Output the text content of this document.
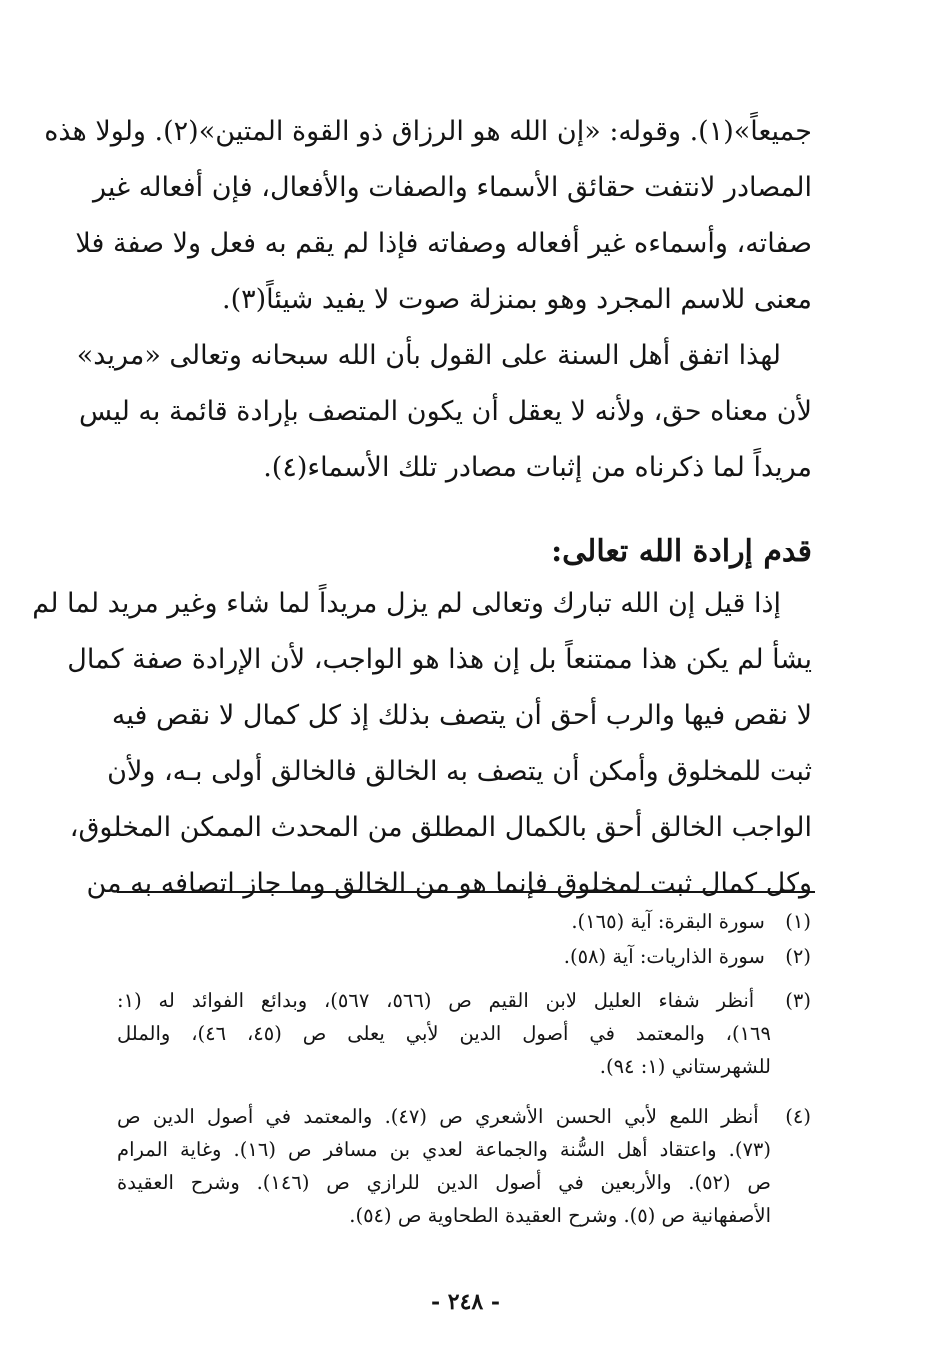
جميعاً»(١). وقوله: «إن الله هو الرزاق ذو القوة المتين»(٢). ولولا هذه

المصادر لانتفت حقائق الأسماء والصفات والأفعال، فإن أفعاله غير

صفاته، وأسماءه غير أفعاله وصفاته فإذا لم يقم به فعل ولا صفة فلا

معنى للاسم المجرد وهو بمنزلة صوت لا يفيد شيئاً(٣).

لهذا اتفق أهل السنة على القول بأن الله سبحانه وتعالى «مريد»

لأن معناه حق، ولأنه لا يعقل أن يكون المتصف بإرادة قائمة به ليس

مريداً لما ذكرناه من إثبات مصادر تلك الأسماء(٤).

قدم إرادة الله تعالى:

إذا قيل إن الله تبارك وتعالى لم يزل مريداً لما شاء وغير مريد لما لم

يشأ لم يكن هذا ممتنعاً بل إن هذا هو الواجب، لأن الإرادة صفة كمال

لا نقص فيها والرب أحق أن يتصف بذلك إذ كل كمال لا نقص فيه

ثبت للمخلوق وأمكن أن يتصف به الخالق فالخالق أولى بـه، ولأن

الواجب الخالق أحق بالكمال المطلق من المحدث الممكن المخلوق،

وكل كمال ثبت لمخلوق فإنما هو من الخالق وما جاز اتصافه به من

(١) سورة البقرة: آية (١٦٥).
(٢) سورة الذاريات: آية (٥٨).
(٣) أنظر شفاء العليل لابن القيم ص (٥٦٦، ٥٦٧)، وبدائع الفوائد له (١:
١٦٩)، والمعتمد في أصول الدين لأبي يعلى ص (٤٥، ٤٦)، والملل
للشهرستاني (١: ٩٤).
(٤) أنظر اللمع لأبي الحسن الأشعري ص (٤٧). والمعتمد في أصول الدين ص
(٧٣). واعتقاد أهل السُّنة والجماعة لعدي بن مسافر ص (١٦). وغاية المرام
ص (٥٢). والأربعين في أصول الدين للرازي ص (١٤٦). وشرح العقيدة
الأصفهانية ص (٥). وشرح العقيدة الطحاوية ص (٥٤).
- ٢٤٨ -
